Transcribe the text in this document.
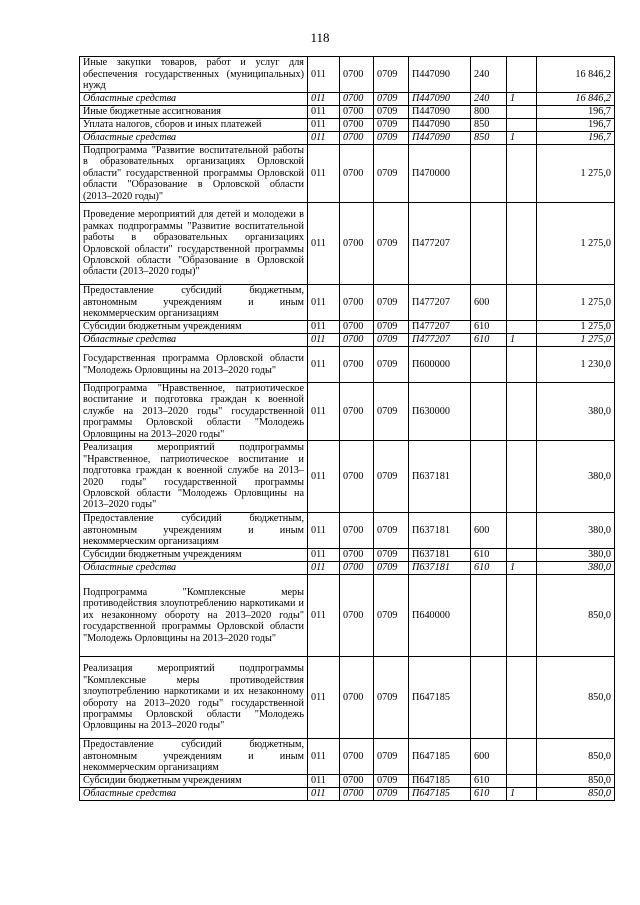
118
Иные закупки товаров, работ и услуг для обеспечения государственных (муниципальных) нужд	011	0700	0709	П447090	240		16 846,2
Областные средства	011	0700	0709	П447090	240	1	16 846,2
Иные бюджетные ассигнования	011	0700	0709	П447090	800		196,7
Уплата налогов, сборов и иных платежей	011	0700	0709	П447090	850		196,7
Областные средства	011	0700	0709	П447090	850	1	196,7
Подпрограмма "Развитие воспитательной работы в образовательных организациях Орловской области" государственной программы Орловской области "Образование в Орловской области (2013–2020 годы)"	011	0700	0709	П470000			1 275,0
Проведение мероприятий для детей и молодежи в рамках подпрограммы "Развитие воспитательной работы в образовательных организациях Орловской области" государственной программы Орловской области "Образование в Орловской области (2013–2020 годы)"	011	0700	0709	П477207			1 275,0
Предоставление субсидий бюджетным, автономным учреждениям и иным некоммерческим организациям	011	0700	0709	П477207	600		1 275,0
Субсидии бюджетным учреждениям	011	0700	0709	П477207	610		1 275,0
Областные средства	011	0700	0709	П477207	610	1	1 275,0
Государственная программа Орловской области "Молодежь Орловщины на 2013–2020 годы"	011	0700	0709	П600000			1 230,0
Подпрограмма "Нравственное, патриотическое воспитание и подготовка граждан к военной службе на 2013–2020 годы" государственной программы Орловской области "Молодежь Орловщины на 2013–2020 годы"	011	0700	0709	П630000			380,0
Реализация мероприятий подпрограммы "Нравственное, патриотическое воспитание и подготовка граждан к военной службе на 2013–2020 годы" государственной программы Орловской области "Молодежь Орловщины на 2013–2020 годы"	011	0700	0709	П637181			380,0
Предоставление субсидий бюджетным, автономным учреждениям и иным некоммерческим организациям	011	0700	0709	П637181	600		380,0
Субсидии бюджетным учреждениям	011	0700	0709	П637181	610		380,0
Областные средства	011	0700	0709	П637181	610	1	380,0
Подпрограмма "Комплексные меры противодействия злоупотреблению наркотиками и их незаконному обороту на 2013–2020 годы" государственной программы Орловской области "Молодежь Орловщины на 2013–2020 годы"	011	0700	0709	П640000			850,0
Реализация мероприятий подпрограммы "Комплексные меры противодействия злоупотреблению наркотиками и их незаконному обороту на 2013–2020 годы" государственной программы Орловской области "Молодежь Орловщины на 2013–2020 годы"	011	0700	0709	П647185			850,0
Предоставление субсидий бюджетным, автономным учреждениям и иным некоммерческим организациям	011	0700	0709	П647185	600		850,0
Субсидии бюджетным учреждениям	011	0700	0709	П647185	610		850,0
Областные средства	011	0700	0709	П647185	610	1	850,0
